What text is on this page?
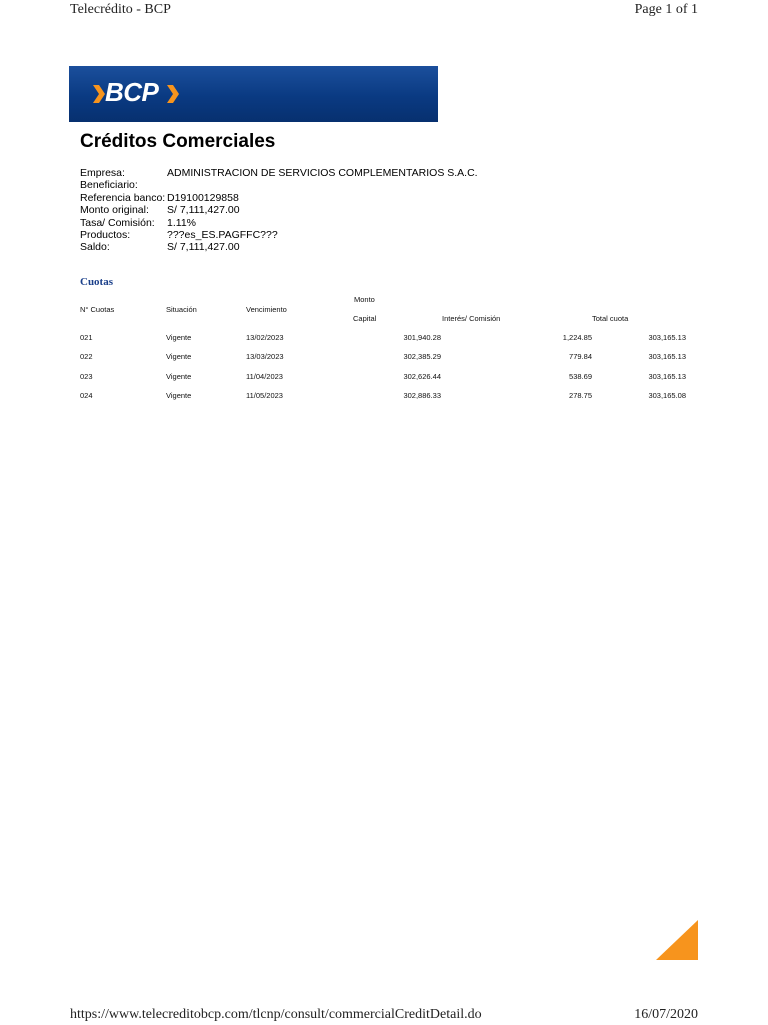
Telecrédito - BCP	Page 1 of 1
BCP
Créditos Comerciales
Empresa:	ADMINISTRACION DE SERVICIOS COMPLEMENTARIOS S.A.C.
Beneficiario:
Referencia banco: D19100129858
Monto original: S/ 7,111,427.00
Tasa/ Comisión: 1.11%
Productos:	???es_ES.PAGFFC???
Saldo:	S/ 7,111,427.00
Cuotas
N° Cuotas	Situación	Vencimiento
Monto
Capital	Interés/ Comisión	Total cuota
021	Vigente	13/02/2023	301,940.28	1,224.85	303,165.13
022	Vigente	13/03/2023	302,385.29	779.84	303,165.13
023	Vigente	11/04/2023	302,626.44	538.69	303,165.13
024	Vigente	11/05/2023	302,886.33	278.75	303,165.08
https://www.telecreditobcp.com/tlcnp/consult/commercialCreditDetail.do	16/07/2020
